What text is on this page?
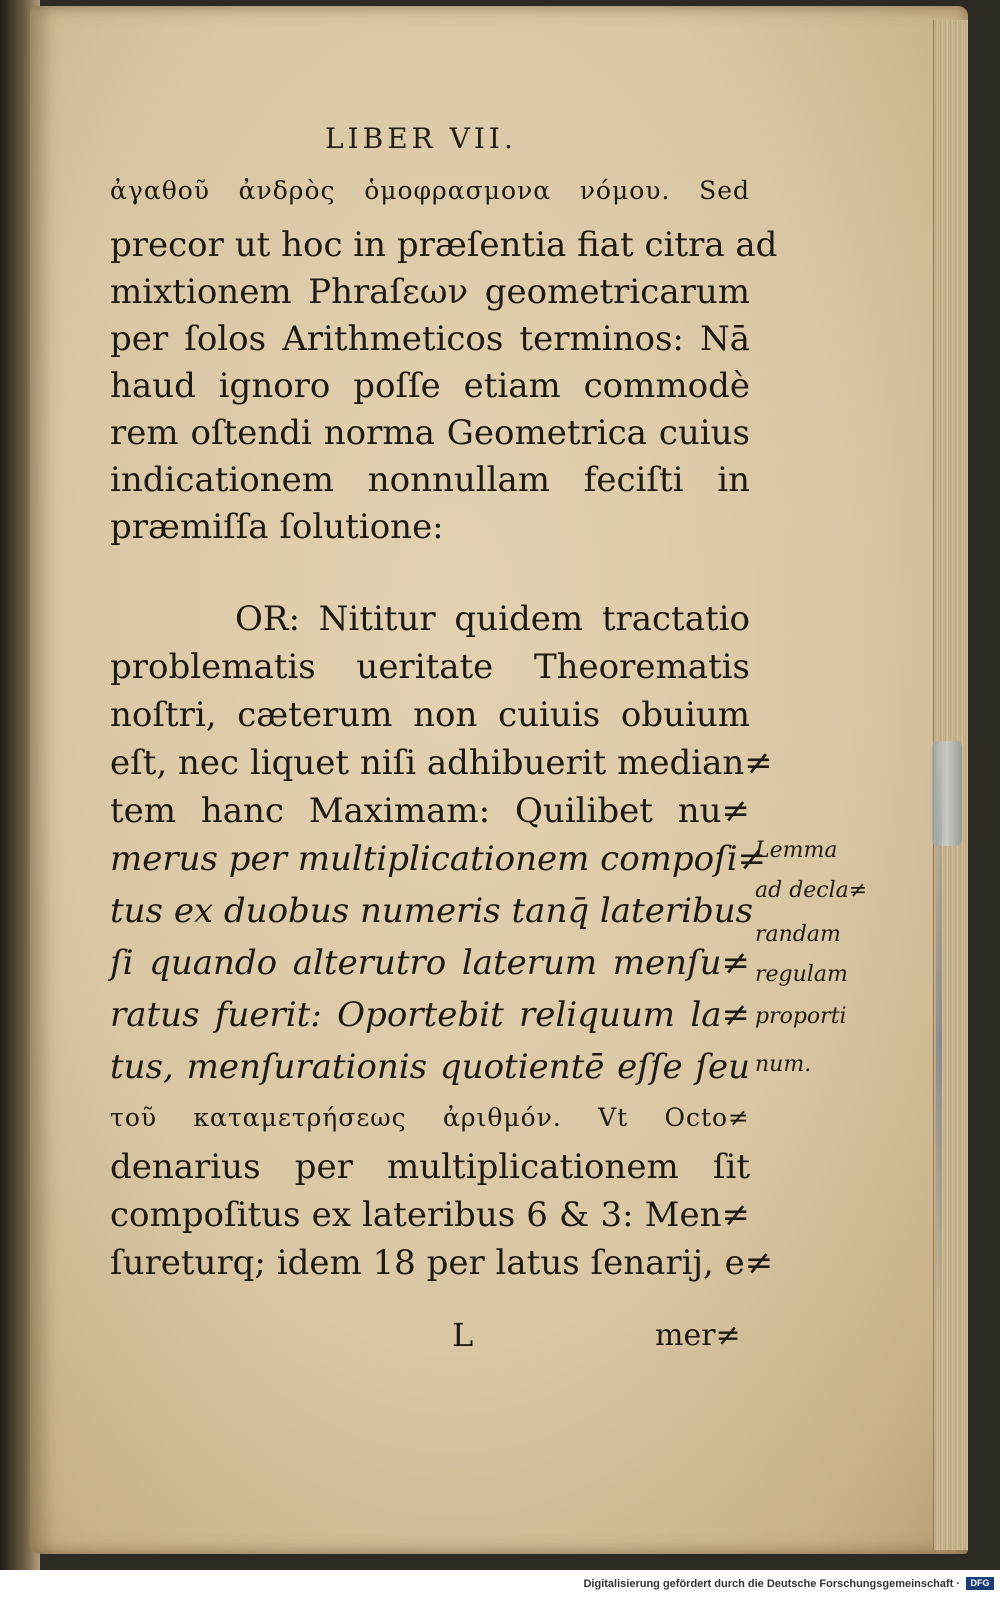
LIBER VII.
ἀγαθοῦ ἀνδρὸς ὁμοφρασμονα νόμου. Sed
precor ut hoc in præſentia fiat citra ad
mixtionem Phraſεων geometricarum
per ſolos Arithmeticos terminos: Nā
haud ignoro poſſe etiam commodè
rem oſtendi norma Geometrica cuius
indicationem nonnullam feciſti in
præmiſſa ſolutione:
OR: Nititur quidem tractatio
problematis ueritate Theorematis
noſtri, cæterum non cuiuis obuium
eſt, nec liquet niſi adhibuerit median≠
tem hanc Maximam: Quilibet nu≠
merus per multiplicationem compoſi≠
tus ex duobus numeris tanq̄ lateribus
ſi quando alterutro laterum menſu≠
ratus fuerit: Oportebit reliquum la≠
tus, menſurationis quotientē eſſe ſeu
τοῦ καταμετρήσεως ἀριθμόν. Vt Octo≠
denarius per multiplicationem ſit
compoſitus ex lateribus 6 & 3: Men≠
ſureturq; idem 18 per latus ſenarij, e≠
Lemma
ad decla≠
randam
regulam
proporti
num.
L	mer≠
Digitalisierung gefördert durch die Deutsche Forschungsgemeinschaft ·	DFG
